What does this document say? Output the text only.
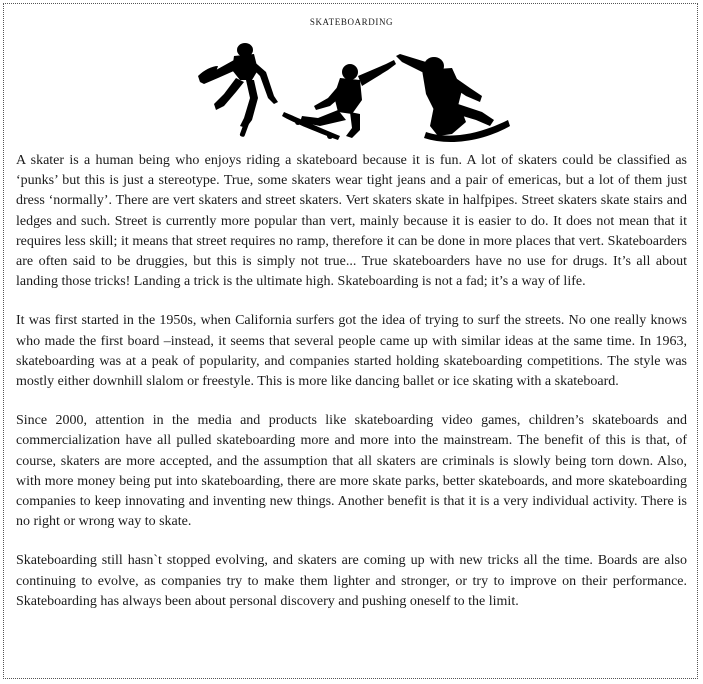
skateboarding

A skater is a human being who enjoys riding a skateboard because it is fun. A lot of skaters could be classified as ‘punks’ but this is just a stereotype. True, some skaters wear tight jeans and a pair of emericas, but a lot of them just dress ‘normally’. There are vert skaters and street skaters. Vert skaters skate in halfpipes. Street skaters skate stairs and ledges and such. Street is currently more popular than vert, mainly because it is easier to do. It does not mean that it requires less skill; it means that street requires no ramp, therefore it can be done in more places that vert. Skateboarders are often said to be druggies, but this is simply not true... True skateboarders have no use for drugs. It’s all about landing those tricks! Landing a trick is the ultimate high. Skateboarding is not a fad; it’s a way of life.

It was first started in the 1950s, when California surfers got the idea of trying to surf the streets. No one really knows who made the first board –instead, it seems that several people came up with similar ideas at the same time. In 1963, skateboarding was at a peak of popularity, and companies started holding skateboarding competitions. The style was mostly either downhill slalom or freestyle. This is more like dancing ballet or ice skating with a skateboard.

Since 2000, attention in the media and products like skateboarding video games, children’s skateboards and commercialization have all pulled skateboarding more and more into the mainstream. The benefit of this is that, of course, skaters are more accepted, and the assumption that all skaters are criminals is slowly being torn down. Also, with more money being put into skateboarding, there are more skate parks, better skateboards, and more skateboarding companies to keep innovating and inventing new things. Another benefit is that it is a very individual activity. There is no right or wrong way to skate.

Skateboarding still hasn`t stopped evolving, and skaters are coming up with new tricks all the time. Boards are also continuing to evolve, as companies try to make them lighter and stronger, or try to improve on their performance. Skateboarding has always been about personal discovery and pushing oneself to the limit.
